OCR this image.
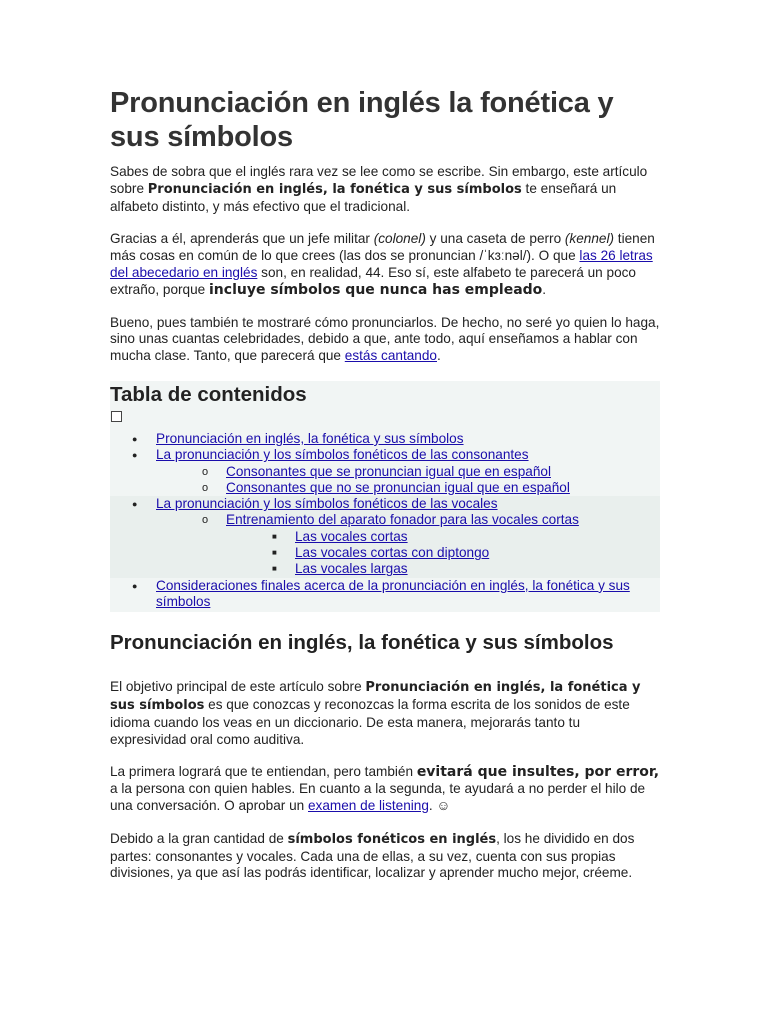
Pronunciación en inglés la fonética y sus símbolos

Sabes de sobra que el inglés rara vez se lee como se escribe. Sin embargo, este artículo sobre Pronunciación en inglés, la fonética y sus símbolos te enseñará un alfabeto distinto, y más efectivo que el tradicional.

Gracias a él, aprenderás que un jefe militar (colonel) y una caseta de perro (kennel) tienen más cosas en común de lo que crees (las dos se pronuncian /ˈkɜːnəl/). O que las 26 letras del abecedario en inglés son, en realidad, 44. Eso sí, este alfabeto te parecerá un poco extraño, porque incluye símbolos que nunca has empleado.

Bueno, pues también te mostraré cómo pronunciarlos. De hecho, no seré yo quien lo haga, sino unas cuantas celebridades, debido a que, ante todo, aquí enseñamos a hablar con mucha clase. Tanto, que parecerá que estás cantando.

Tabla de contenidos
● Pronunciación en inglés, la fonética y sus símbolos
● La pronunciación y los símbolos fonéticos de las consonantes
o Consonantes que se pronuncian igual que en español
o Consonantes que no se pronuncian igual que en español
● La pronunciación y los símbolos fonéticos de las vocales
o Entrenamiento del aparato fonador para las vocales cortas
■ Las vocales cortas
■ Las vocales cortas con diptongo
■ Las vocales largas
● Consideraciones finales acerca de la pronunciación en inglés, la fonética y sus símbolos
Pronunciación en inglés, la fonética y sus símbolos

El objetivo principal de este artículo sobre Pronunciación en inglés, la fonética y sus símbolos es que conozcas y reconozcas la forma escrita de los sonidos de este idioma cuando los veas en un diccionario. De esta manera, mejorarás tanto tu expresividad oral como auditiva.

La primera logrará que te entiendan, pero también evitará que insultes, por error, a la persona con quien hables. En cuanto a la segunda, te ayudará a no perder el hilo de una conversación. O aprobar un examen de listening. ☺

Debido a la gran cantidad de símbolos fonéticos en inglés, los he dividido en dos partes: consonantes y vocales. Cada una de ellas, a su vez, cuenta con sus propias divisiones, ya que así las podrás identificar, localizar y aprender mucho mejor, créeme.
